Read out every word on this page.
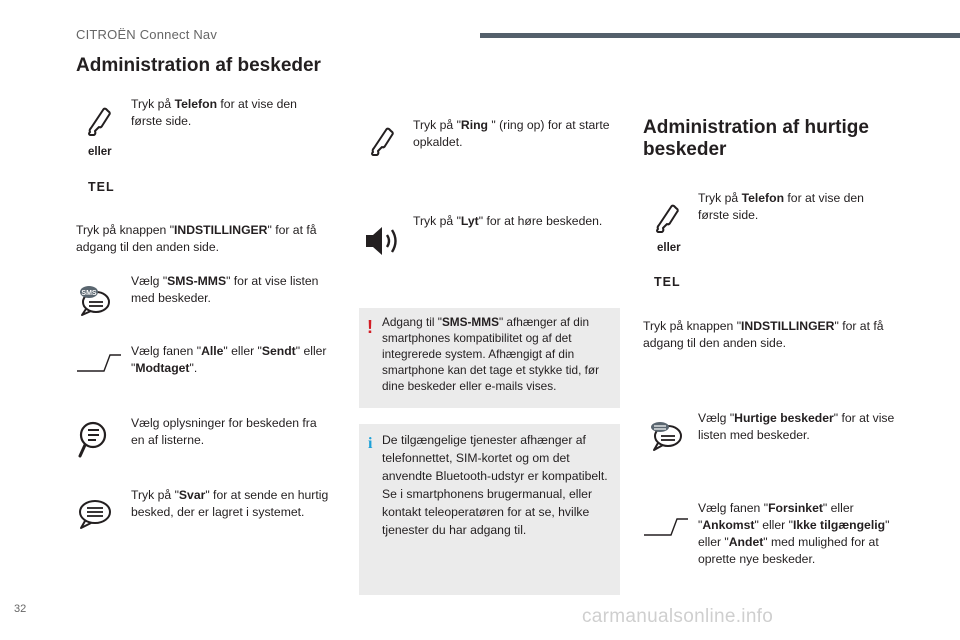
CITROËN Connect Nav
Administration af beskeder
Tryk på Telefon for at vise den første side.
eller
TEL
Tryk på knappen "INDSTILLINGER" for at få adgang til den anden side.
SMS
Vælg "SMS-MMS" for at vise listen med beskeder.
Vælg fanen "Alle" eller "Sendt" eller "Modtaget".
Vælg oplysninger for beskeden fra en af listerne.
Tryk på "Svar" for at sende en hurtig besked, der er lagret i systemet.
Tryk på "Ring " (ring op) for at starte opkaldet.
Tryk på "Lyt" for at høre beskeden.
! Adgang til "SMS-MMS" afhænger af din smartphones kompatibilitet og af det integrerede system. Afhængigt af din smartphone kan det tage et stykke tid, før dine beskeder eller e-mails vises.
i De tilgængelige tjenester afhænger af telefonnettet, SIM-kortet og om det anvendte Bluetooth-udstyr er kompatibelt. Se i smartphonens brugermanual, eller kontakt teleoperatøren for at se, hvilke tjenester du har adgang til.
Administration af hurtige beskeder
Tryk på Telefon for at vise den første side.
eller
TEL
Tryk på knappen "INDSTILLINGER" for at få adgang til den anden side.
Vælg "Hurtige beskeder" for at vise listen med beskeder.
Vælg fanen "Forsinket" eller "Ankomst" eller "Ikke tilgængelig" eller "Andet" med mulighed for at oprette nye beskeder.
32	carmanualsonline.info
